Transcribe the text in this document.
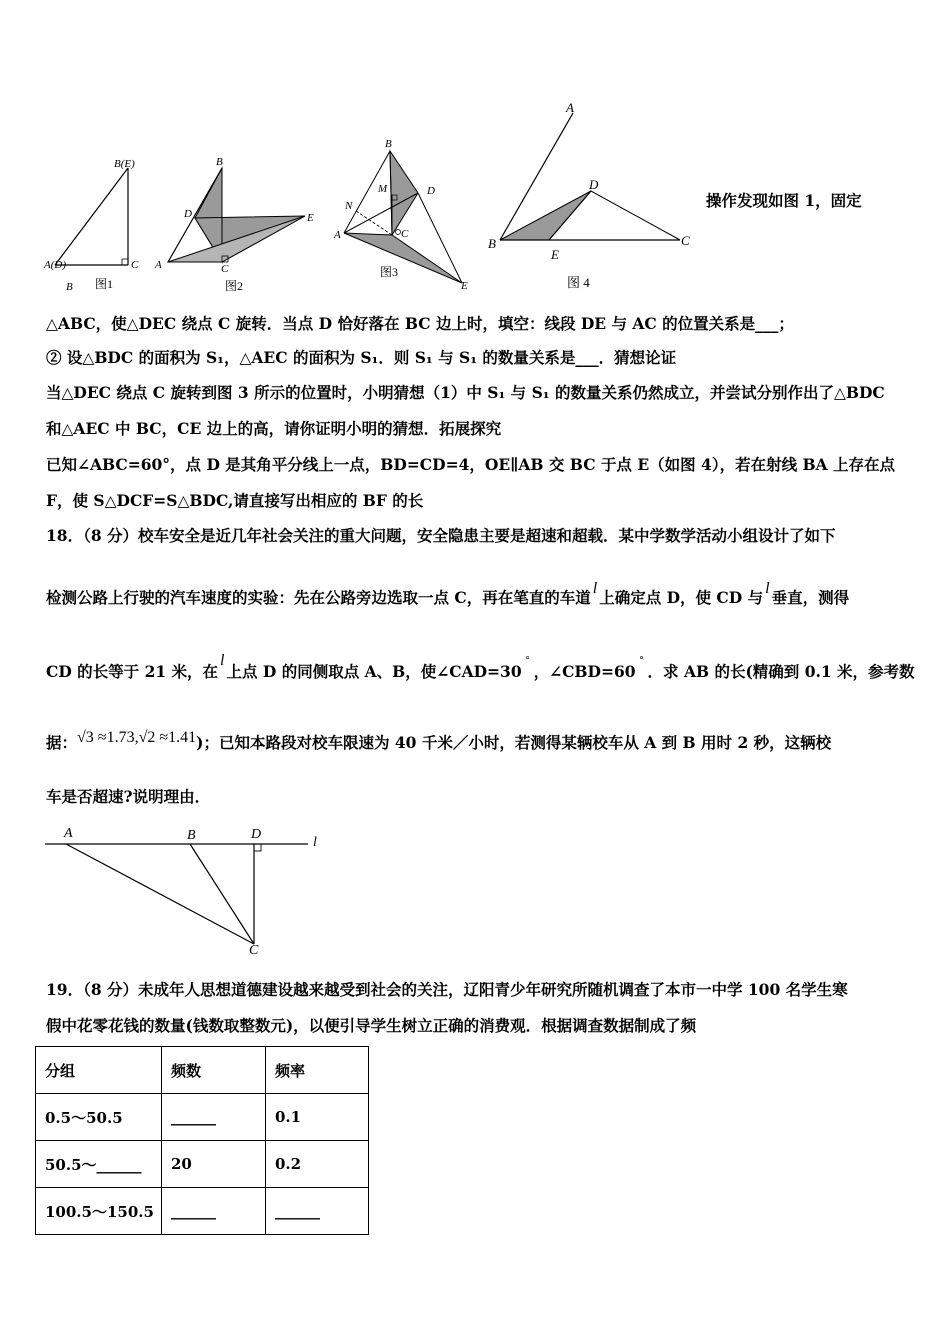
B(E)
A(D)	C
B 图1
B
D	E
A	C
图2
B
M	D
N
A	C
E
图3
A
D
B
E
C
图 4
操作发现如图 1，固定
△ABC，使△DEC 绕点 C 旋转．当点 D 恰好落在 BC 边上时，填空：线段 DE 与 AC 的位置关系是___；
② 设△BDC 的面积为 S₁，△AEC 的面积为 S₁．则 S₁ 与 S₁ 的数量关系是___．猜想论证
当△DEC 绕点 C 旋转到图 3 所示的位置时，小明猜想（1）中 S₁ 与 S₁ 的数量关系仍然成立，并尝试分别作出了△BDC
和△AEC 中 BC，CE 边上的高，请你证明小明的猜想．拓展探究
已知∠ABC=60°，点 D 是其角平分线上一点，BD=CD=4，OE∥AB 交 BC 于点 E（如图 4），若在射线 BA 上存在点
F，使 S△DCF=S△BDC,请直接写出相应的 BF 的长
18．（8 分）校车安全是近几年社会关注的重大问题，安全隐患主要是超速和超载．某中学数学活动小组设计了如下
检测公路上行驶的汽车速度的实验：先在公路旁边选取一点 C，再在笔直的车道 l 上确定点 D，使 CD 与 l 垂直，测得
CD 的长等于 21 米，在l上点 D 的同侧取点 A、B，使∠CAD=30°，∠CBD=60°．求 AB 的长(精确到 0.1 米，参考数
据：√3 ≈1.73,√2 ≈1.41)；已知本路段对校车限速为 40 千米／小时，若测得某辆校车从 A 到 B 用时 2 秒，这辆校
车是否超速?说明理由．
A	B	D
l
C
19．（8 分）未成年人思想道德建设越来越受到社会的关注，辽阳青少年研究所随机调查了本市一中学 100 名学生寒
假中花零花钱的数量(钱数取整数元)，以便引导学生树立正确的消费观．根据调查数据制成了频
分组	频数	频率
0.5～50.5	______	0.1
50.5～______	20	0.2
100.5～150.5	______	______
